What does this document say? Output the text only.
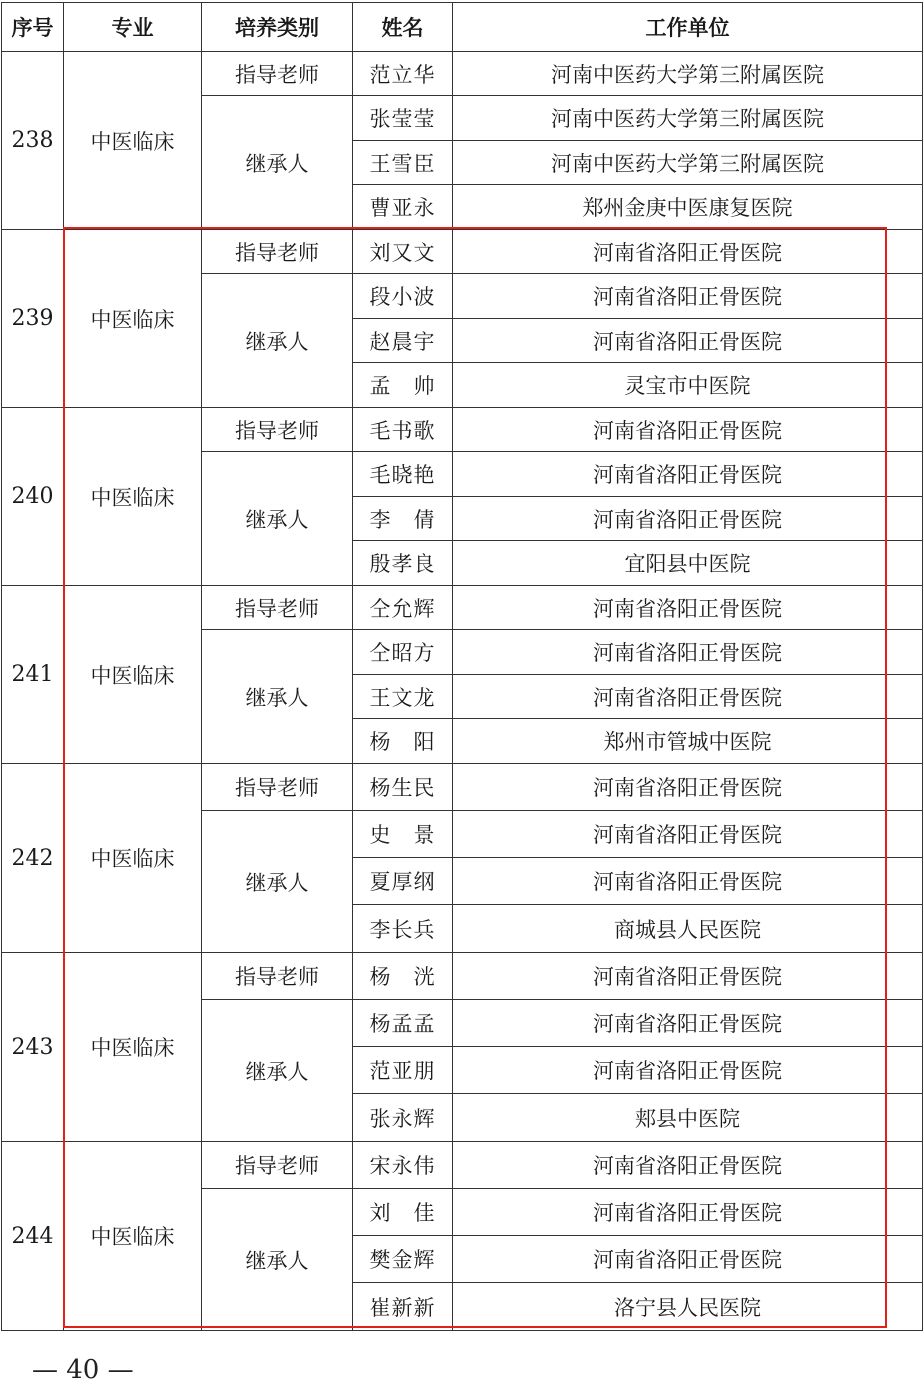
序号	专业	培养类别	姓名	工作单位
238	中医临床	指导老师	范立华	河南中医药大学第三附属医院
		继承人	张莹莹	河南中医药大学第三附属医院
			王雪臣	河南中医药大学第三附属医院
			曹亚永	郑州金庚中医康复医院
239	中医临床	指导老师	刘又文	河南省洛阳正骨医院
		继承人	段小波	河南省洛阳正骨医院
			赵晨宇	河南省洛阳正骨医院
			孟　帅	灵宝市中医院
240	中医临床	指导老师	毛书歌	河南省洛阳正骨医院
		继承人	毛晓艳	河南省洛阳正骨医院
			李　倩	河南省洛阳正骨医院
			殷孝良	宜阳县中医院
241	中医临床	指导老师	仝允辉	河南省洛阳正骨医院
		继承人	仝昭方	河南省洛阳正骨医院
			王文龙	河南省洛阳正骨医院
			杨　阳	郑州市管城中医院
242	中医临床	指导老师	杨生民	河南省洛阳正骨医院
		继承人	史　景	河南省洛阳正骨医院
			夏厚纲	河南省洛阳正骨医院
			李长兵	商城县人民医院
243	中医临床	指导老师	杨　洸	河南省洛阳正骨医院
		继承人	杨孟孟	河南省洛阳正骨医院
			范亚朋	河南省洛阳正骨医院
			张永辉	郏县中医院
244	中医临床	指导老师	宋永伟	河南省洛阳正骨医院
		继承人	刘　佳	河南省洛阳正骨医院
			樊金辉	河南省洛阳正骨医院
			崔新新	洛宁县人民医院
— 40 —
